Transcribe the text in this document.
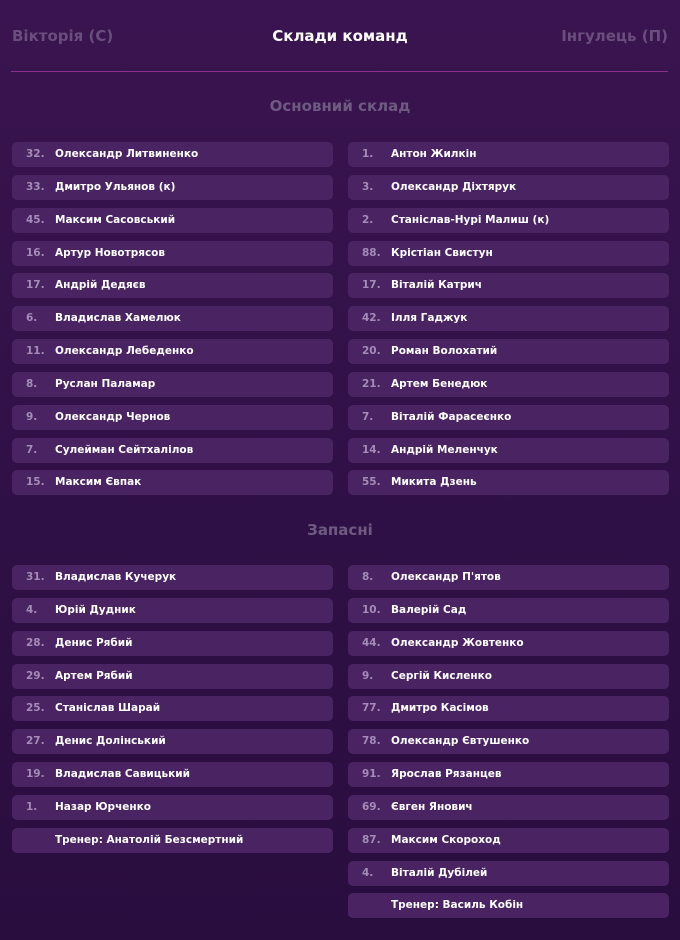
Вікторія (С)	Склади команд	Інгулець (П)
Основний склад
32. Олександр Литвиненко
33. Дмитро Ульянов (к)
45. Максим Сасовський
16. Артур Новотрясов
17. Андрій Дедяєв
6. Владислав Хамелюк
11. Олександр Лебеденко
8. Руслан Паламар
9. Олександр Чернов
7. Сулейман Сейтхалілов
15. Максим Євпак
1. Антон Жилкін
3. Олександр Діхтярук
2. Станіслав-Нурі Малиш (к)
88. Крістіан Свистун
17. Віталій Катрич
42. Ілля Гаджук
20. Роман Волохатий
21. Артем Бенедюк
7. Віталій Фарасеєнко
14. Андрій Меленчук
55. Микита Дзень
Запасні
31. Владислав Кучерук
4. Юрій Дудник
28. Денис Рябий
29. Артем Рябий
25. Станіслав Шарай
27. Денис Долінський
19. Владислав Савицький
1. Назар Юрченко
Тренер: Анатолій Безсмертний
8. Олександр П'ятов
10. Валерій Сад
44. Олександр Жовтенко
9. Сергій Кисленко
77. Дмитро Касімов
78. Олександр Євтушенко
91. Ярослав Рязанцев
69. Євген Янович
87. Максим Скороход
4. Віталій Дубілей
Тренер: Василь Кобін
